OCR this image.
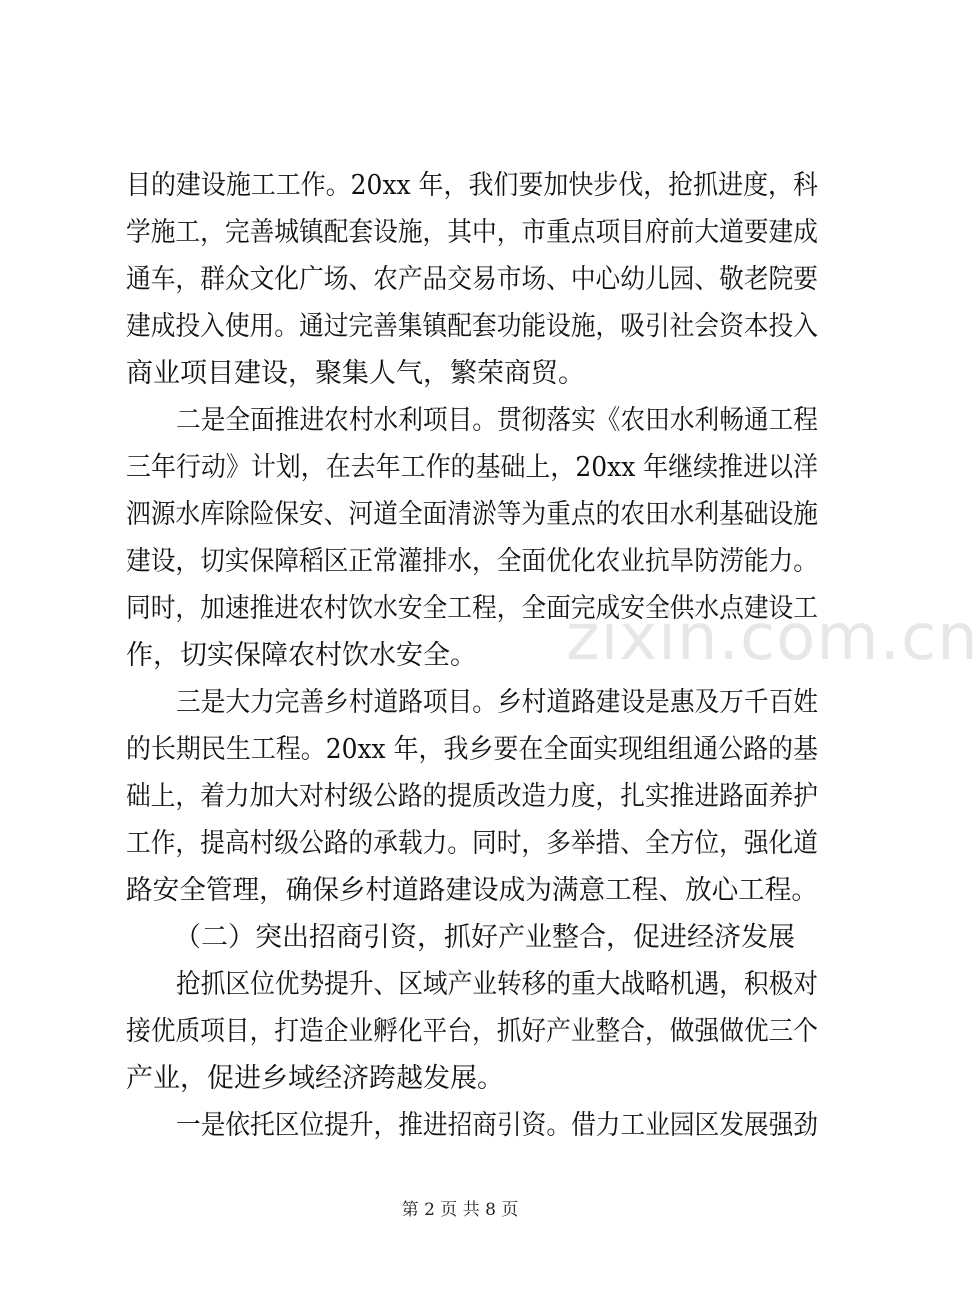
目的建设施工工作。20xx 年，我们要加快步伐，抢抓进度，科
学施工，完善城镇配套设施，其中，市重点项目府前大道要建成
通车，群众文化广场、农产品交易市场、中心幼儿园、敬老院要
建成投入使用。通过完善集镇配套功能设施，吸引社会资本投入
商业项目建设，聚集人气，繁荣商贸。
二是全面推进农村水利项目。贯彻落实《农田水利畅通工程
三年行动》计划，在去年工作的基础上，20xx 年继续推进以洋
泗源水库除险保安、河道全面清淤等为重点的农田水利基础设施
建设，切实保障稻区正常灌排水，全面优化农业抗旱防涝能力。
同时，加速推进农村饮水安全工程，全面完成安全供水点建设工
作，切实保障农村饮水安全。
三是大力完善乡村道路项目。乡村道路建设是惠及万千百姓
的长期民生工程。20xx 年，我乡要在全面实现组组通公路的基
础上，着力加大对村级公路的提质改造力度，扎实推进路面养护
工作，提高村级公路的承载力。同时，多举措、全方位，强化道
路安全管理，确保乡村道路建设成为满意工程、放心工程。
（二）突出招商引资，抓好产业整合，促进经济发展
抢抓区位优势提升、区域产业转移的重大战略机遇，积极对
接优质项目，打造企业孵化平台，抓好产业整合，做强做优三个
产业，促进乡域经济跨越发展。
一是依托区位提升，推进招商引资。借力工业园区发展强劲
zixin.com.cn
第 2 页 共 8 页
